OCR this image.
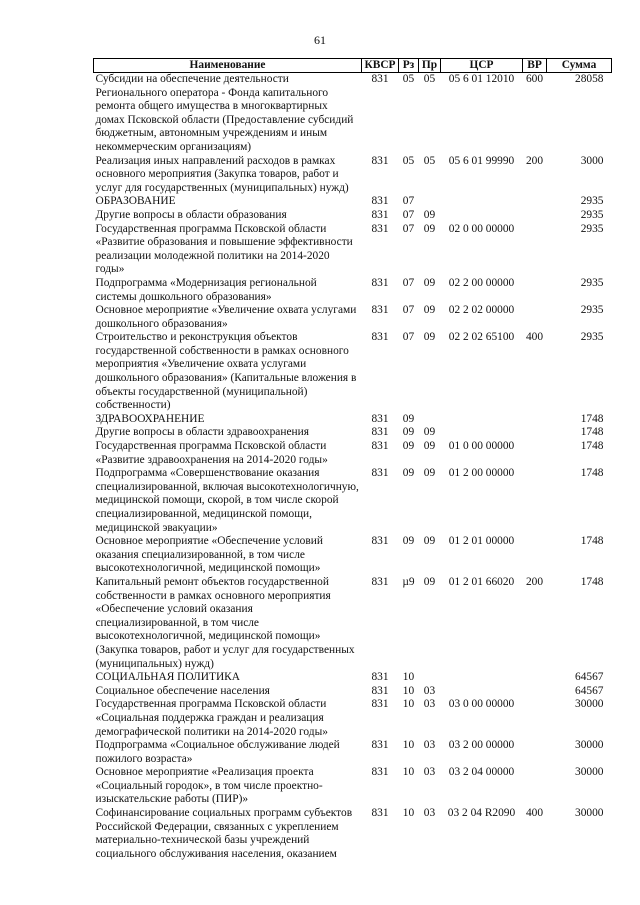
61
Наименование	КВСР	Рз	Пр	ЦСР	ВР	Сумма
Субсидии на обеспечение деятельности Регионального оператора - Фонда капитального ремонта общего имущества в многоквартирных домах Псковской области (Предоставление субсидий бюджетным, автономным учреждениям и иным некоммерческим организациям)	831	05	05	05 6 01 12010	600	28058
Реализация иных направлений расходов в рамках основного мероприятия (Закупка товаров, работ и услуг для государственных (муниципальных) нужд)	831	05	05	05 6 01 99990	200	3000
ОБРАЗОВАНИЕ	831	07				2935
Другие вопросы в области образования	831	07	09			2935
Государственная программа Псковской области «Развитие образования и повышение эффективности реализации молодежной политики на 2014-2020 годы»	831	07	09	02 0 00 00000		2935
Подпрограмма «Модернизация региональной системы дошкольного образования»	831	07	09	02 2 00 00000		2935
Основное мероприятие «Увеличение охвата услугами дошкольного образования»	831	07	09	02 2 02 00000		2935
Строительство и реконструкция объектов государственной собственности в рамках основного мероприятия «Увеличение охвата услугами дошкольного образования» (Капитальные вложения в объекты государственной (муниципальной) собственности)	831	07	09	02 2 02 65100	400	2935
ЗДРАВООХРАНЕНИЕ	831	09				1748
Другие вопросы в области здравоохранения	831	09	09			1748
Государственная программа Псковской области «Развитие здравоохранения на 2014-2020 годы»	831	09	09	01 0 00 00000		1748
Подпрограмма «Совершенствование оказания специализированной, включая высокотехнологичную, медицинской помощи, скорой, в том числе скорой специализированной, медицинской помощи, медицинской эвакуации»	831	09	09	01 2 00 00000		1748
Основное мероприятие «Обеспечение условий оказания специализированной, в том числе высокотехнологичной, медицинской помощи»	831	09	09	01 2 01 00000		1748
Капитальный ремонт объектов государственной собственности в рамках основного мероприятия «Обеспечение условий оказания специализированной, в том числе высокотехнологичной, медицинской помощи» (Закупка товаров, работ и услуг для государственных (муниципальных) нужд)	831	µ9	09	01 2 01 66020	200	1748
СОЦИАЛЬНАЯ ПОЛИТИКА	831	10				64567
Социальное обеспечение населения	831	10	03			64567
Государственная программа Псковской области «Социальная поддержка граждан и реализация демографической политики на 2014-2020 годы»	831	10	03	03 0 00 00000		30000
Подпрограмма «Социальное обслуживание людей пожилого возраста»	831	10	03	03 2 00 00000		30000
Основное мероприятие «Реализация проекта «Социальный городок», в том числе проектно-изыскательские работы (ПИР)»	831	10	03	03 2 04 00000		30000
Софинансирование социальных программ субъектов Российской Федерации, связанных с укреплением материально-технической базы учреждений социального обслуживания населения, оказанием	831	10	03	03 2 04 R2090	400	30000
